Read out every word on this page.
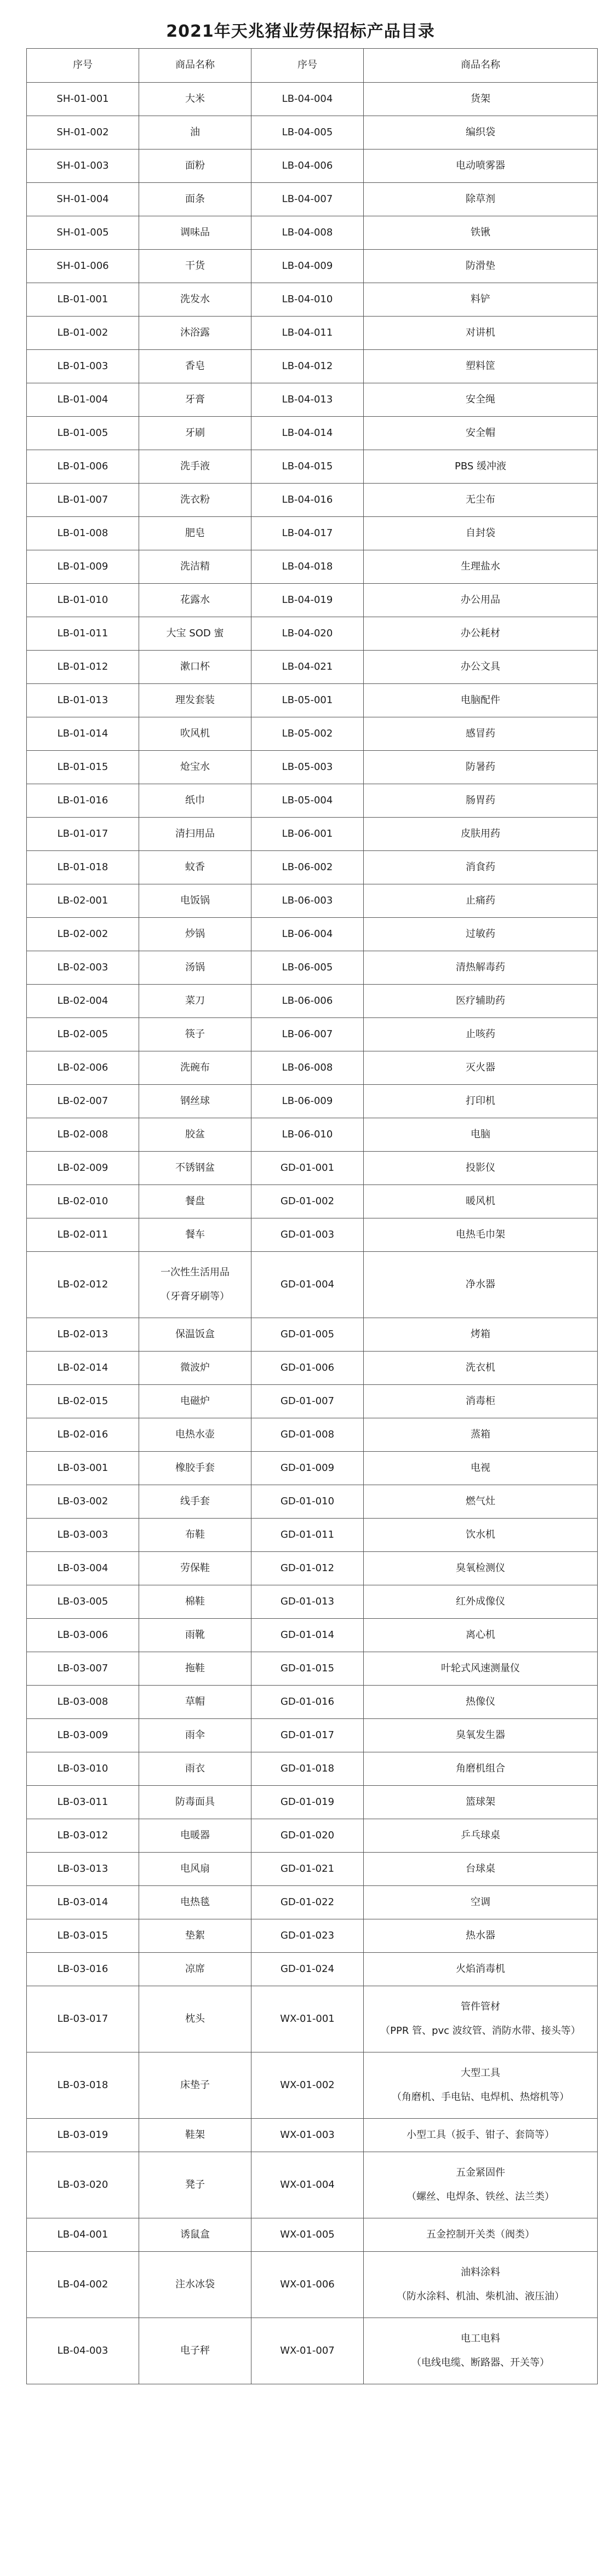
2021年天兆猪业劳保招标产品目录
序号	商品名称	序号	商品名称
SH-01-001	大米	LB-04-004	货架

SH-01-002	油	LB-04-005	编织袋

SH-01-003	面粉	LB-04-006	电动喷雾器

SH-01-004	面条	LB-04-007	除草剂

SH-01-005	调味品	LB-04-008	铁锹

SH-01-006	干货	LB-04-009	防滑垫

LB-01-001	洗发水	LB-04-010	料铲

LB-01-002	沐浴露	LB-04-011	对讲机

LB-01-003	香皂	LB-04-012	塑料筐

LB-01-004	牙膏	LB-04-013	安全绳

LB-01-005	牙刷	LB-04-014	安全帽

LB-01-006	洗手液	LB-04-015	PBS 缓冲液

LB-01-007	洗衣粉	LB-04-016	无尘布

LB-01-008	肥皂	LB-04-017	自封袋

LB-01-009	洗洁精	LB-04-018	生理盐水

LB-01-010	花露水	LB-04-019	办公用品

LB-01-011	大宝 SOD 蜜	LB-04-020	办公耗材

LB-01-012	漱口杯	LB-04-021	办公文具

LB-01-013	理发套装	LB-05-001	电脑配件

LB-01-014	吹风机	LB-05-002	感冒药

LB-01-015	炝宝水	LB-05-003	防暑药

LB-01-016	纸巾	LB-05-004	肠胃药

LB-01-017	清扫用品	LB-06-001	皮肤用药

LB-01-018	蚊香	LB-06-002	消食药

LB-02-001	电饭锅	LB-06-003	止痛药

LB-02-002	炒锅	LB-06-004	过敏药

LB-02-003	汤锅	LB-06-005	清热解毒药

LB-02-004	菜刀	LB-06-006	医疗辅助药

LB-02-005	筷子	LB-06-007	止咳药

LB-02-006	洗碗布	LB-06-008	灭火器

LB-02-007	钢丝球	LB-06-009	打印机

LB-02-008	胶盆	LB-06-010	电脑

LB-02-009	不锈钢盆	GD-01-001	投影仪

LB-02-010	餐盘	GD-01-002	暖风机

LB-02-011	餐车	GD-01-003	电热毛巾架

LB-02-012	一次性生活用品
（牙膏牙刷等）	GD-01-004	净水器

LB-02-013	保温饭盒	GD-01-005	烤箱

LB-02-014	微波炉	GD-01-006	洗衣机

LB-02-015	电磁炉	GD-01-007	消毒柜

LB-02-016	电热水壶	GD-01-008	蒸箱

LB-03-001	橡胶手套	GD-01-009	电视

LB-03-002	线手套	GD-01-010	燃气灶

LB-03-003	布鞋	GD-01-011	饮水机

LB-03-004	劳保鞋	GD-01-012	臭氧检测仪

LB-03-005	棉鞋	GD-01-013	红外成像仪

LB-03-006	雨靴	GD-01-014	离心机

LB-03-007	拖鞋	GD-01-015	叶轮式风速测量仪

LB-03-008	草帽	GD-01-016	热像仪

LB-03-009	雨伞	GD-01-017	臭氧发生器

LB-03-010	雨衣	GD-01-018	角磨机组合

LB-03-011	防毒面具	GD-01-019	篮球架

LB-03-012	电暖器	GD-01-020	乒乓球桌

LB-03-013	电风扇	GD-01-021	台球桌

LB-03-014	电热毯	GD-01-022	空调

LB-03-015	垫絮	GD-01-023	热水器

LB-03-016	凉席	GD-01-024	火焰消毒机

LB-03-017	枕头	WX-01-001	管件管材
（PPR 管、pvc 波纹管、消防水带、接头等）

LB-03-018	床垫子	WX-01-002	大型工具
（角磨机、手电钻、电焊机、热熔机等）

LB-03-019	鞋架	WX-01-003	小型工具（扳手、钳子、套筒等）

LB-03-020	凳子	WX-01-004	五金紧固件
（螺丝、电焊条、铁丝、法兰类）

LB-04-001	诱鼠盒	WX-01-005	五金控制开关类（阀类）

LB-04-002	注水冰袋	WX-01-006	油料涂料
（防水涂料、机油、柴机油、液压油）

LB-04-003	电子秤	WX-01-007	电工电料
（电线电缆、断路器、开关等）
